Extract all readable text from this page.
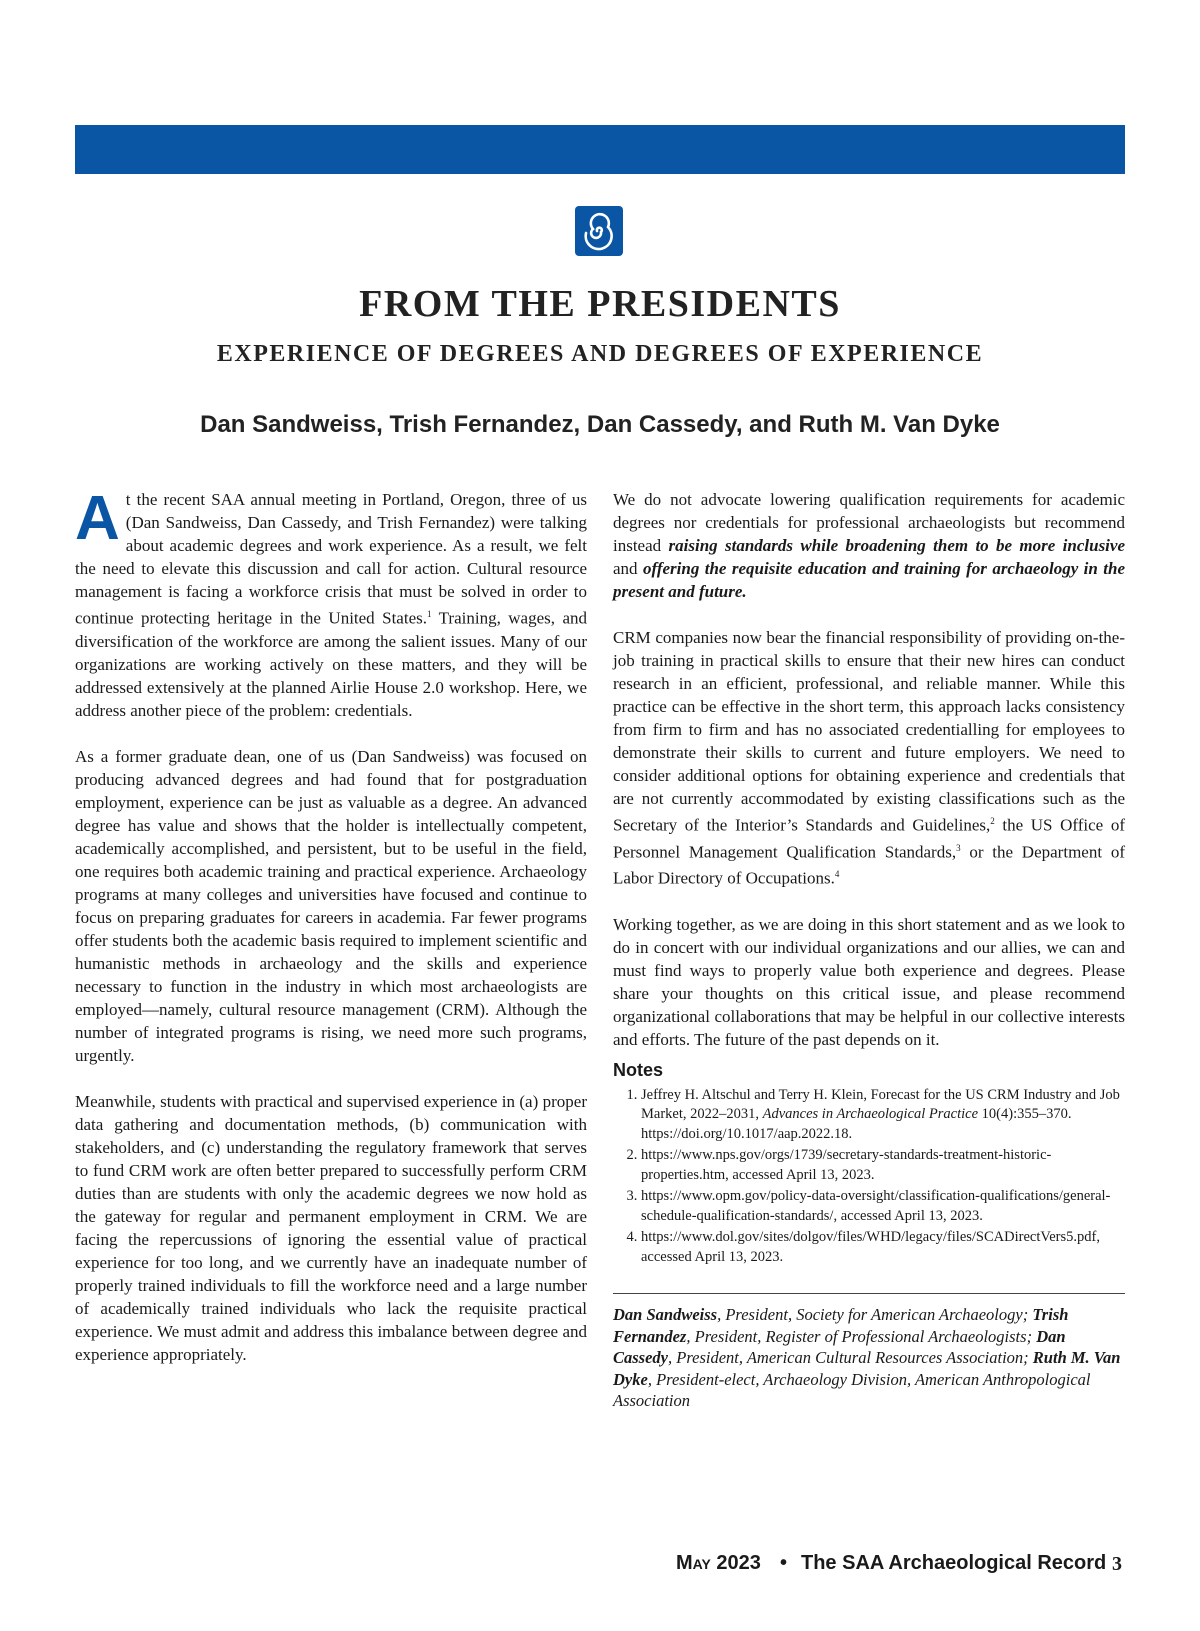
FROM THE PRESIDENTS
EXPERIENCE OF DEGREES AND DEGREES OF EXPERIENCE
Dan Sandweiss, Trish Fernandez, Dan Cassedy, and Ruth M. Van Dyke

At the recent SAA annual meeting in Portland, Oregon, three of us (Dan Sandweiss, Dan Cassedy, and Trish Fernandez) were talking about academic degrees and work experience. As a result, we felt the need to elevate this discussion and call for action. Cultural resource management is facing a workforce crisis that must be solved in order to continue protecting heritage in the United States.$^1$ Training, wages, and diversification of the workforce are among the salient issues. Many of our organizations are working actively on these matters, and they will be addressed extensively at the planned Airlie House 2.0 workshop. Here, we address another piece of the problem: credentials.

As a former graduate dean, one of us (Dan Sandweiss) was focused on producing advanced degrees and had found that for postgraduation employment, experience can be just as valuable as a degree. An advanced degree has value and shows that the holder is intellectually competent, academically accomplished, and persistent, but to be useful in the field, one requires both academic training and practical experience. Archaeology programs at many colleges and universities have focused and continue to focus on preparing graduates for careers in academia. Far fewer programs offer students both the academic basis required to implement scientific and humanistic methods in archaeology and the skills and experience necessary to function in the industry in which most archaeologists are employed—namely, cultural resource management (CRM). Although the number of integrated programs is rising, we need more such programs, urgently.

Meanwhile, students with practical and supervised experience in (a) proper data gathering and documentation methods, (b) communication with stakeholders, and (c) understanding the regulatory framework that serves to fund CRM work are often better prepared to successfully perform CRM duties than are students with only the academic degrees we now hold as the gateway for regular and permanent employment in CRM. We are facing the repercussions of ignoring the essential value of practical experience for too long, and we currently have an inadequate number of properly trained individuals to fill the workforce need and a large number of academically trained individuals who lack the requisite practical experience. We must admit and address this imbalance between degree and experience appropriately.

We do not advocate lowering qualification requirements for academic degrees nor credentials for professional archaeologists but recommend instead raising standards while broadening them to be more inclusive and offering the requisite education and training for archaeology in the present and future.

CRM companies now bear the financial responsibility of providing on-the-job training in practical skills to ensure that their new hires can conduct research in an efficient, professional, and reliable manner. While this practice can be effective in the short term, this approach lacks consistency from firm to firm and has no associated credentialling for employees to demonstrate their skills to current and future employers. We need to consider additional options for obtaining experience and credentials that are not currently accommodated by existing classifications such as the Secretary of the Interior’s Standards and Guidelines,$^2$ the US Office of Personnel Management Qualification Standards,$^3$ or the Department of Labor Directory of Occupations.$^4$

Working together, as we are doing in this short statement and as we look to do in concert with our individual organizations and our allies, we can and must find ways to properly value both experience and degrees. Please share your thoughts on this critical issue, and please recommend organizational collaborations that may be helpful in our collective interests and efforts. The future of the past depends on it.

Notes
1. Jeffrey H. Altschul and Terry H. Klein, Forecast for the US CRM Industry and Job Market, 2022–2031, Advances in Archaeological Practice 10(4):355–370. https://doi.org/10.1017/aap.2022.18.
2. https://www.nps.gov/orgs/1739/secretary-standards-treatment-historic-properties.htm, accessed April 13, 2023.
3. https://www.opm.gov/policy-data-oversight/classification-qualifications/general-schedule-qualification-standards/, accessed April 13, 2023.
4. https://www.dol.gov/sites/dolgov/files/WHD/legacy/files/SCADirectVers5.pdf, accessed April 13, 2023.
Dan Sandweiss, President, Society for American Archaeology; Trish Fernandez, President, Register of Professional Archaeologists; Dan Cassedy, President, American Cultural Resources Association; Ruth M. Van Dyke, President-elect, Archaeology Division, American Anthropological Association
May 2023 • The SAA Archaeological Record 3
